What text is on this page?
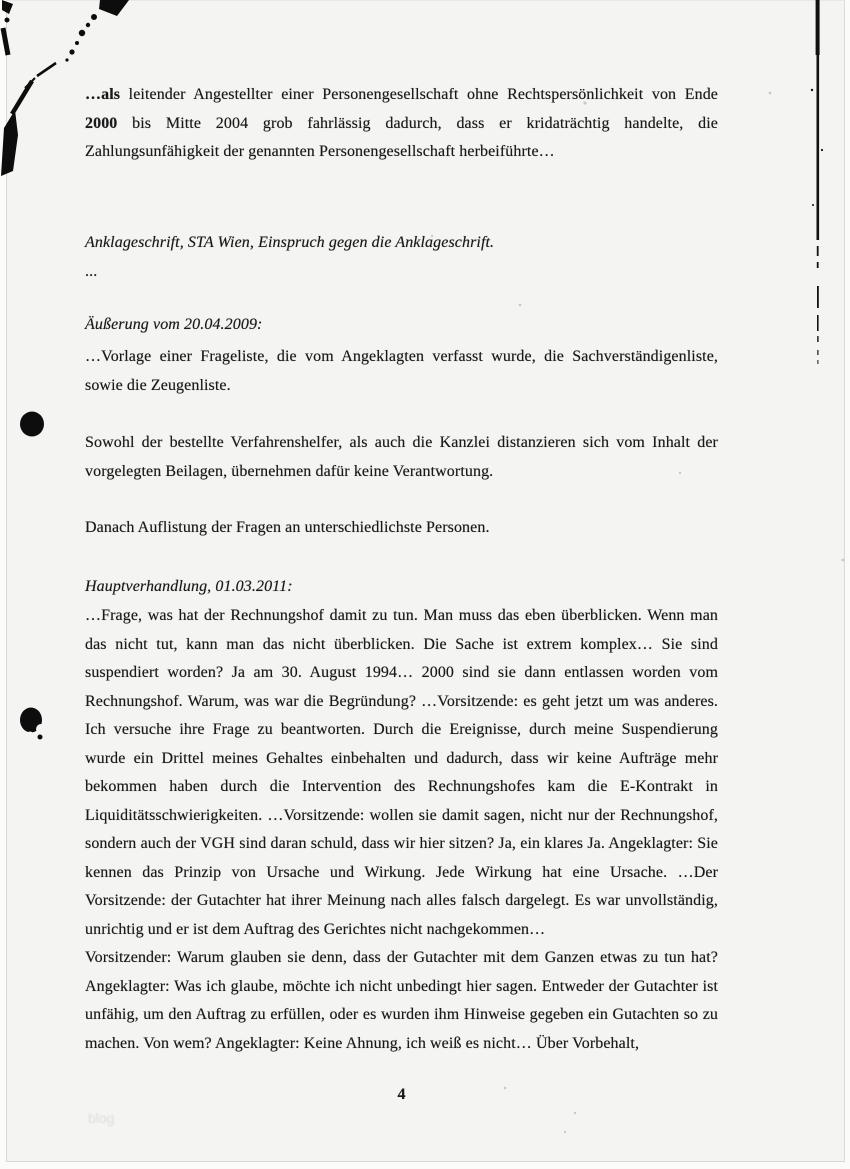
…als leitender Angestellter einer Personengesellschaft ohne Rechtspersönlichkeit von Ende 2000 bis Mitte 2004 grob fahrlässig dadurch, dass er kridaträchtig handelte, die Zahlungsunfähigkeit der genannten Personengesellschaft herbeiführte…

Anklageschrift, STA Wien, Einspruch gegen die Anklageschrift.

...

Äußerung vom 20.04.2009:

…Vorlage einer Frageliste, die vom Angeklagten verfasst wurde, die Sachverständigenliste, sowie die Zeugenliste.

Sowohl der bestellte Verfahrenshelfer, als auch die Kanzlei distanzieren sich vom Inhalt der vorgelegten Beilagen, übernehmen dafür keine Verantwortung.

Danach Auflistung der Fragen an unterschiedlichste Personen.

Hauptverhandlung, 01.03.2011:

…Frage, was hat der Rechnungshof damit zu tun. Man muss das eben überblicken. Wenn man das nicht tut, kann man das nicht überblicken. Die Sache ist extrem komplex… Sie sind suspendiert worden? Ja am 30. August 1994… 2000 sind sie dann entlassen worden vom Rechnungshof. Warum, was war die Begründung? …Vorsitzende: es geht jetzt um was anderes. Ich versuche ihre Frage zu beantworten. Durch die Ereignisse, durch meine Suspendierung wurde ein Drittel meines Gehaltes einbehalten und dadurch, dass wir keine Aufträge mehr bekommen haben durch die Intervention des Rechnungshofes kam die E-Kontrakt in Liquiditätsschwierigkeiten. …Vorsitzende: wollen sie damit sagen, nicht nur der Rechnungshof, sondern auch der VGH sind daran schuld, dass wir hier sitzen? Ja, ein klares Ja. Angeklagter: Sie kennen das Prinzip von Ursache und Wirkung. Jede Wirkung hat eine Ursache. …Der Vorsitzende: der Gutachter hat ihrer Meinung nach alles falsch dargelegt. Es war unvollständig, unrichtig und er ist dem Auftrag des Gerichtes nicht nachgekommen…

Vorsitzender: Warum glauben sie denn, dass der Gutachter mit dem Ganzen etwas zu tun hat? Angeklagter: Was ich glaube, möchte ich nicht unbedingt hier sagen. Entweder der Gutachter ist unfähig, um den Auftrag zu erfüllen, oder es wurden ihm Hinweise gegeben ein Gutachten so zu machen. Von wem? Angeklagter: Keine Ahnung, ich weiß es nicht… Über Vorbehalt,

4
blog
